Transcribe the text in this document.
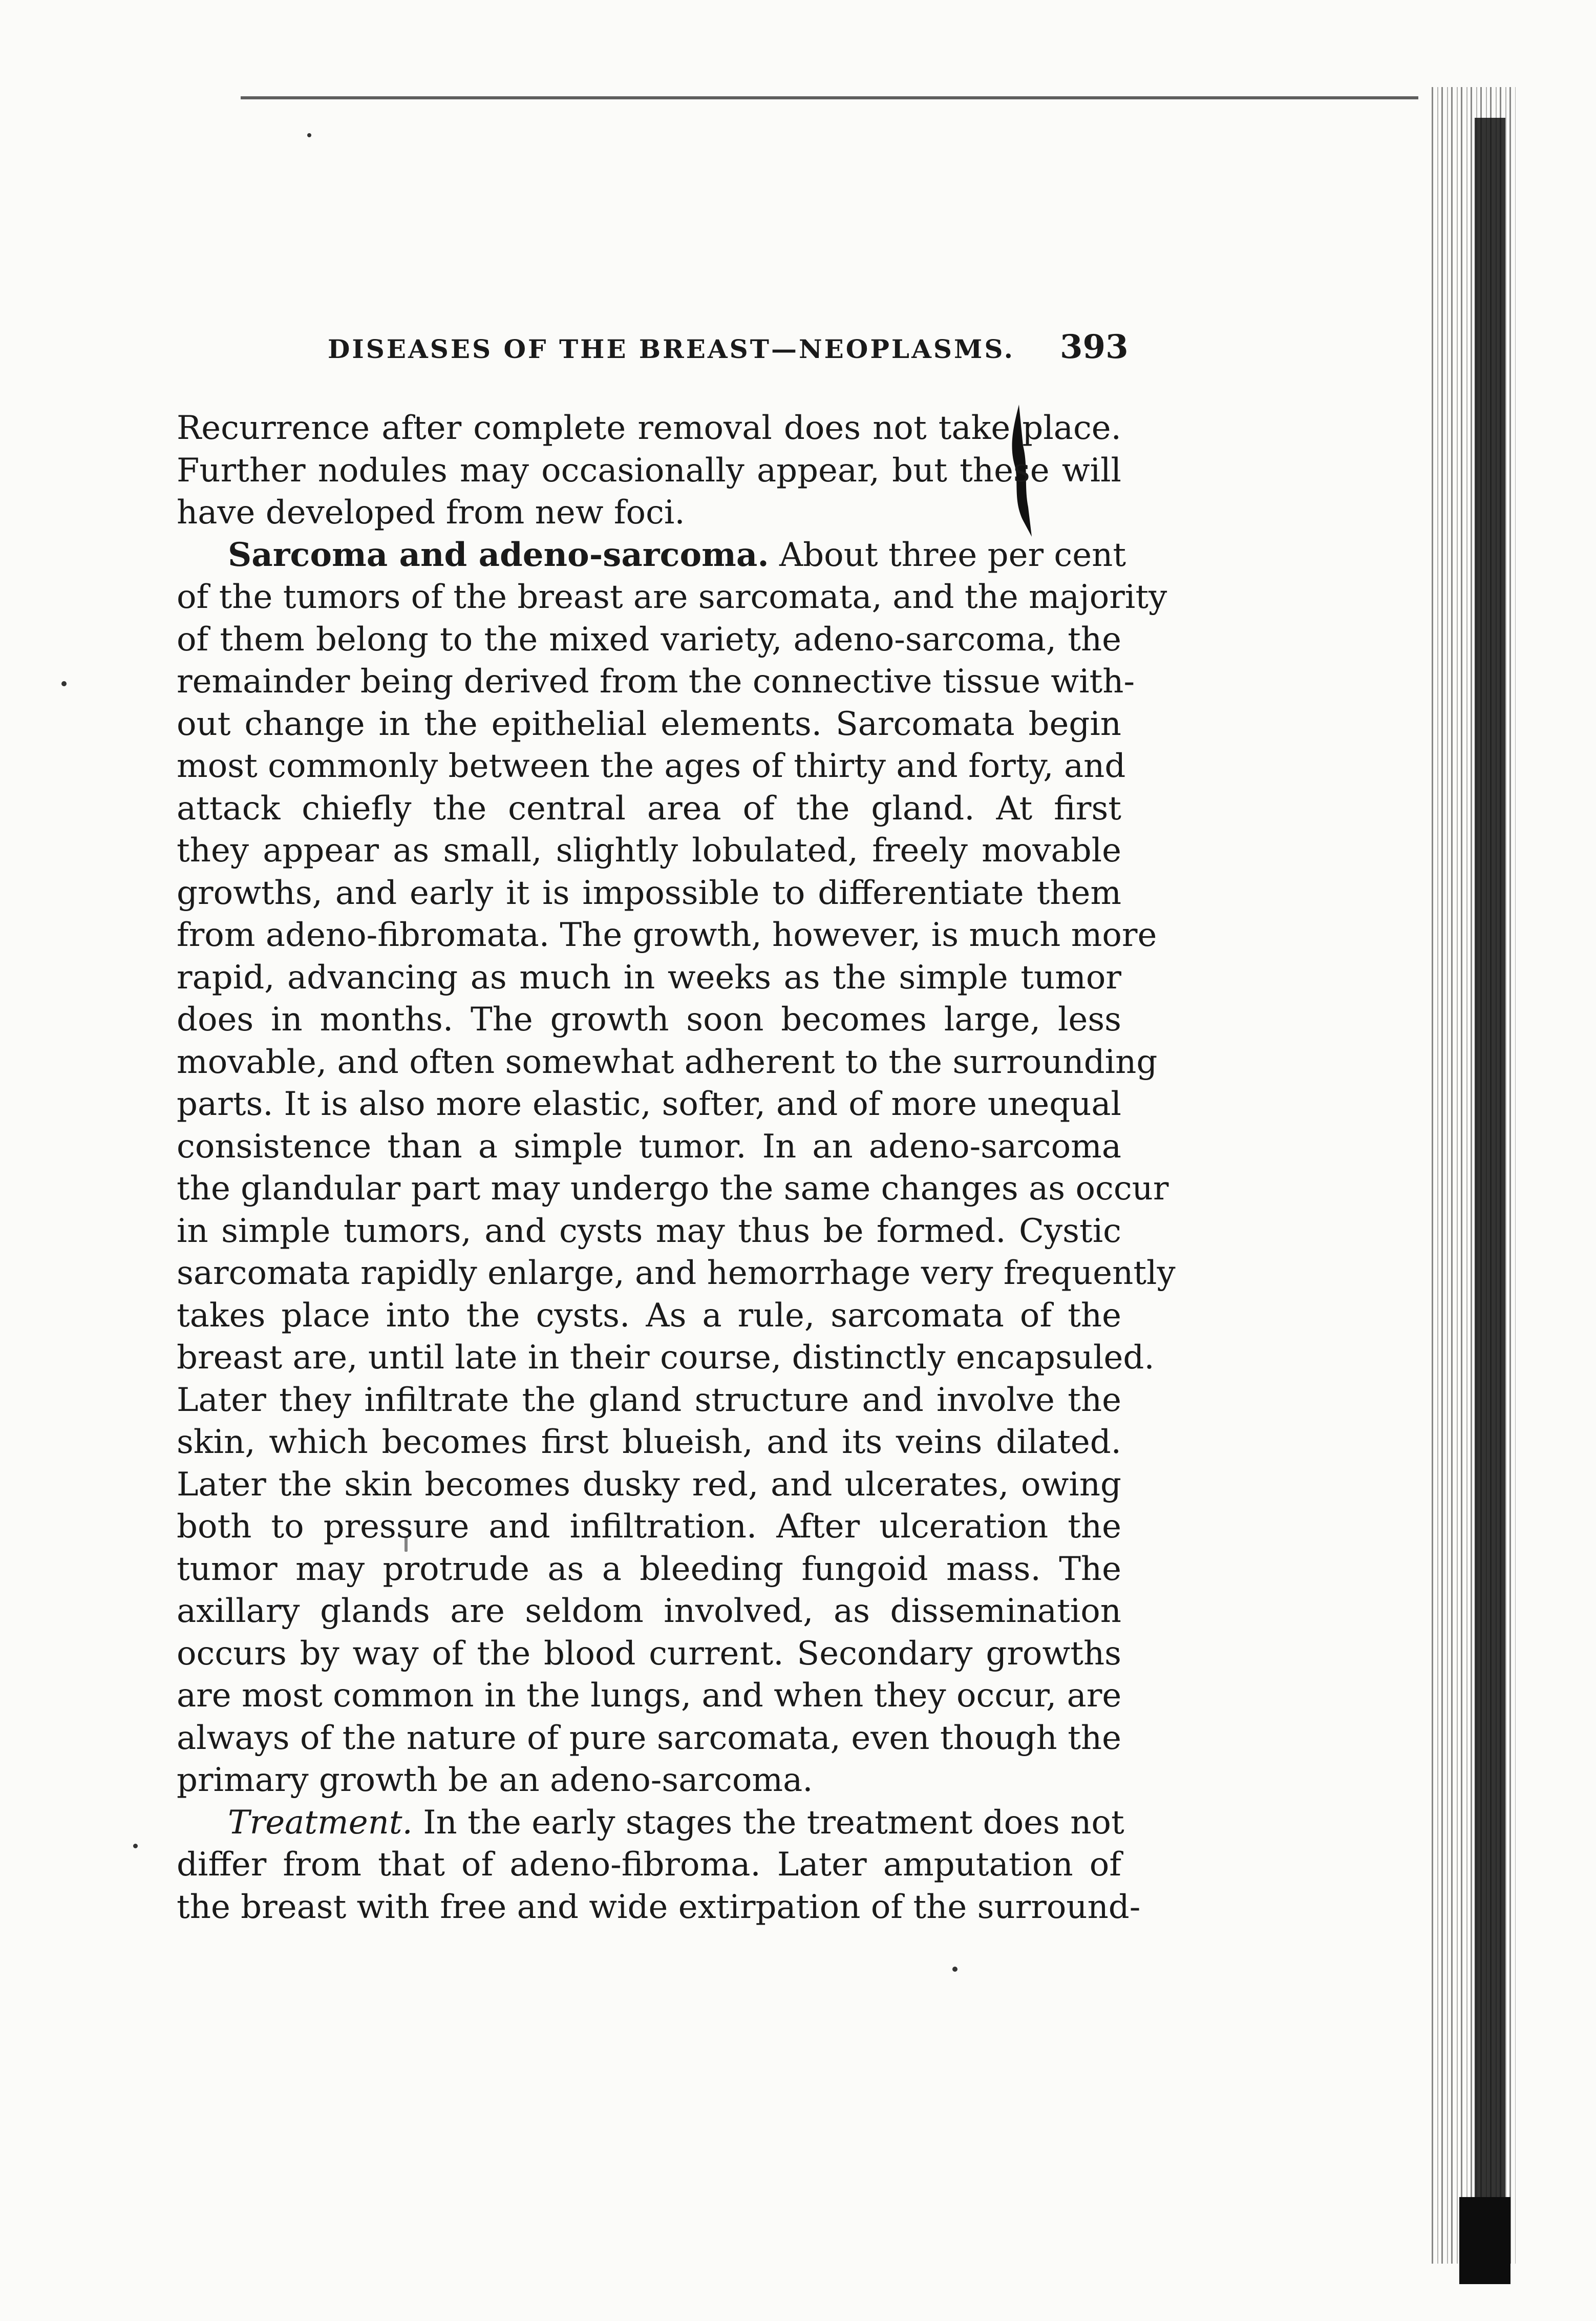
DISEASES OF THE BREAST—NEOPLASMS.	393
Recurrence after complete removal does not take place.
Further nodules may occasionally appear, but these will
have developed from new foci.
Sarcoma and adeno-sarcoma. About three per cent
of the tumors of the breast are sarcomata, and the majority
of them belong to the mixed variety, adeno-sarcoma, the
remainder being derived from the connective tissue with-
out change in the epithelial elements. Sarcomata begin
most commonly between the ages of thirty and forty, and
attack chiefly the central area of the gland. At first
they appear as small, slightly lobulated, freely movable
growths, and early it is impossible to differentiate them
from adeno-fibromata. The growth, however, is much more
rapid, advancing as much in weeks as the simple tumor
does in months. The growth soon becomes large, less
movable, and often somewhat adherent to the surrounding
parts. It is also more elastic, softer, and of more unequal
consistence than a simple tumor. In an adeno-sarcoma
the glandular part may undergo the same changes as occur
in simple tumors, and cysts may thus be formed. Cystic
sarcomata rapidly enlarge, and hemorrhage very frequently
takes place into the cysts. As a rule, sarcomata of the
breast are, until late in their course, distinctly encapsuled.
Later they infiltrate the gland structure and involve the
skin, which becomes first blueish, and its veins dilated.
Later the skin becomes dusky red, and ulcerates, owing
both to pressure and infiltration. After ulceration the
tumor may protrude as a bleeding fungoid mass. The
axillary glands are seldom involved, as dissemination
occurs by way of the blood current. Secondary growths
are most common in the lungs, and when they occur, are
always of the nature of pure sarcomata, even though the
primary growth be an adeno-sarcoma.
Treatment. In the early stages the treatment does not
differ from that of adeno-fibroma. Later amputation of
the breast with free and wide extirpation of the surround-
